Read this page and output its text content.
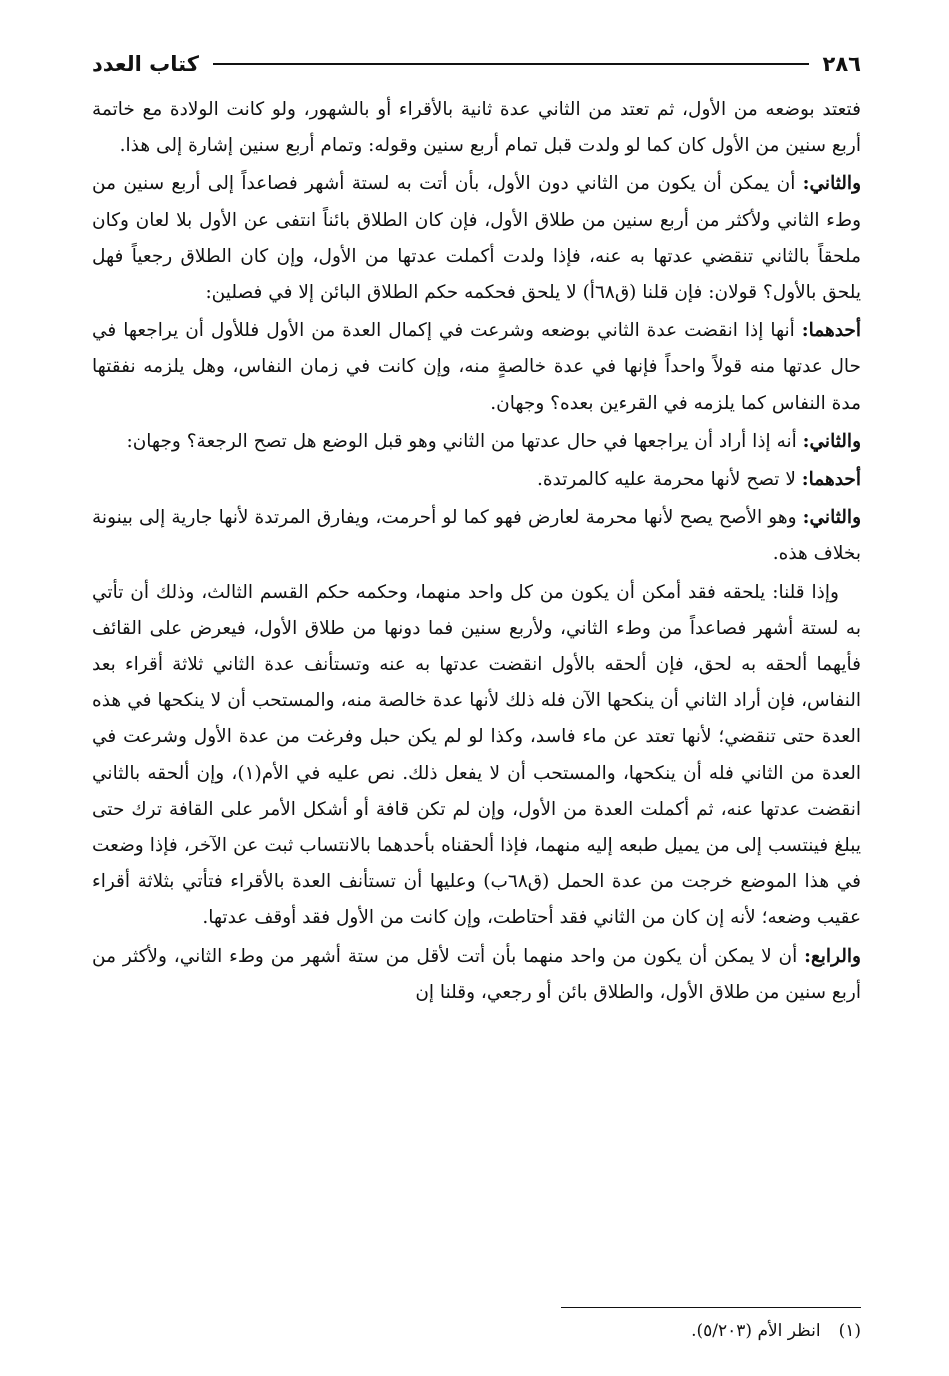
٢٨٦
كتاب العدد

فتعتد بوضعه من الأول، ثم تعتد من الثاني عدة ثانية بالأقراء أو بالشهور، ولو كانت الولادة مع خاتمة أربع سنين من الأول كان كما لو ولدت قبل تمام أربع سنين وقوله: وتمام أربع سنين إشارة إلى هذا.

والثاني: أن يمكن أن يكون من الثاني دون الأول، بأن أتت به لستة أشهر فصاعداً إلى أربع سنين من وطء الثاني ولأكثر من أربع سنين من طلاق الأول، فإن كان الطلاق بائناً انتفى عن الأول بلا لعان وكان ملحقاً بالثاني تنقضي عدتها به عنه، فإذا ولدت أكملت عدتها من الأول، وإن كان الطلاق رجعياً فهل يلحق بالأول؟ قولان: فإن قلنا (ق٦٨أ) لا يلحق فحكمه حكم الطلاق البائن إلا في فصلين:

أحدهما: أنها إذا انقضت عدة الثاني بوضعه وشرعت في إكمال العدة من الأول فللأول أن يراجعها في حال عدتها منه قولاً واحداً فإنها في عدة خالصةٍ منه، وإن كانت في زمان النفاس، وهل يلزمه نفقتها مدة النفاس كما يلزمه في القرءين بعده؟ وجهان.

والثاني: أنه إذا أراد أن يراجعها في حال عدتها من الثاني وهو قبل الوضع هل تصح الرجعة؟ وجهان:

أحدهما: لا تصح لأنها محرمة عليه كالمرتدة.

والثاني: وهو الأصح يصح لأنها محرمة لعارض فهو كما لو أحرمت، ويفارق المرتدة لأنها جارية إلى بينونة بخلاف هذه.

وإذا قلنا: يلحقه فقد أمكن أن يكون من كل واحد منهما، وحكمه حكم القسم الثالث، وذلك أن تأتي به لستة أشهر فصاعداً من وطء الثاني، ولأربع سنين فما دونها من طلاق الأول، فيعرض على القائف فأيهما ألحقه به لحق، فإن ألحقه بالأول انقضت عدتها به عنه وتستأنف عدة الثاني ثلاثة أقراء بعد النفاس، فإن أراد الثاني أن ينكحها الآن فله ذلك لأنها عدة خالصة منه، والمستحب أن لا ينكحها في هذه العدة حتى تنقضي؛ لأنها تعتد عن ماء فاسد، وكذا لو لم يكن حبل وفرغت من عدة الأول وشرعت في العدة من الثاني فله أن ينكحها، والمستحب أن لا يفعل ذلك. نص عليه في الأم(١)، وإن ألحقه بالثاني انقضت عدتها عنه، ثم أكملت العدة من الأول، وإن لم تكن قافة أو أشكل الأمر على القافة ترك حتى يبلغ فينتسب إلى من يميل طبعه إليه منهما، فإذا ألحقناه بأحدهما بالانتساب ثبت عن الآخر، فإذا وضعت في هذا الموضع خرجت من عدة الحمل (ق٦٨ب) وعليها أن تستأنف العدة بالأقراء فتأتي بثلاثة أقراء عقيب وضعه؛ لأنه إن كان من الثاني فقد أحتاطت، وإن كانت من الأول فقد أوقف عدتها.

والرابع: أن لا يمكن أن يكون من واحد منهما بأن أتت لأقل من ستة أشهر من وطء الثاني، ولأكثر من أربع سنين من طلاق الأول، والطلاق بائن أو رجعي، وقلنا إن

(١)انظر الأم (٥/٢٠٣).
